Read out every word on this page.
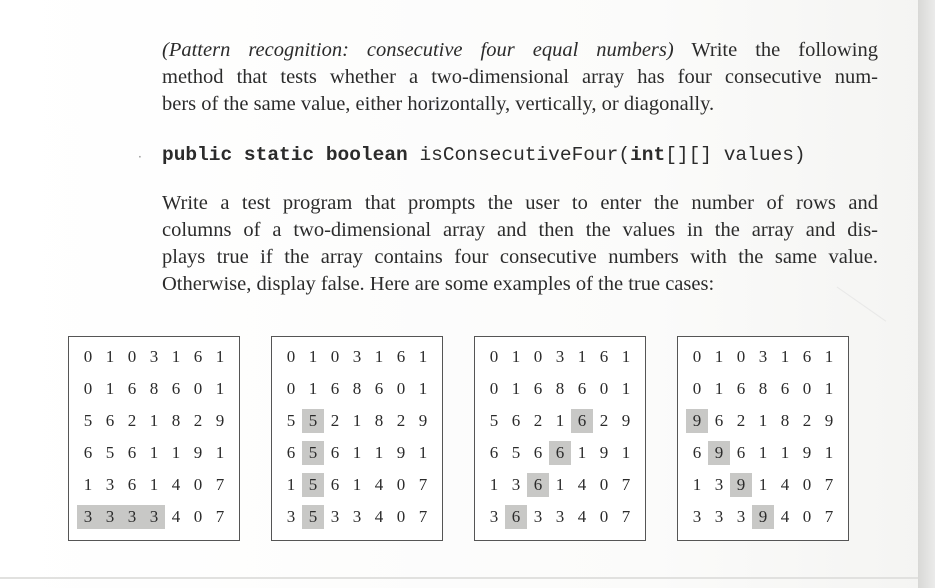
(Pattern recognition: consecutive four equal numbers) Write the following
method that tests whether a two-dimensional array has four consecutive num-
bers of the same value, either horizontally, vertically, or diagonally.

· public static boolean isConsecutiveFour(int[][] values)

Write a test program that prompts the user to enter the number of rows and
columns of a two-dimensional array and then the values in the array and dis-
plays true if the array contains four consecutive numbers with the same value.
Otherwise, display false. Here are some examples of the true cases:

0 1 0 3 1 6 1
0 1 6 8 6 0 1
5 6 2 1 8 2 9
6 5 6 1 1 9 1
1 3 6 1 4 0 7
3 3 3 3 4 0 7
0 1 0 3 1 6 1
0 1 6 8 6 0 1
5 5 2 1 8 2 9
6 5 6 1 1 9 1
1 5 6 1 4 0 7
3 5 3 3 4 0 7
0 1 0 3 1 6 1
0 1 6 8 6 0 1
5 6 2 1 6 2 9
6 5 6 6 1 9 1
1 3 6 1 4 0 7
3 6 3 3 4 0 7
0 1 0 3 1 6 1
0 1 6 8 6 0 1
9 6 2 1 8 2 9
6 9 6 1 1 9 1
1 3 9 1 4 0 7
3 3 3 9 4 0 7
